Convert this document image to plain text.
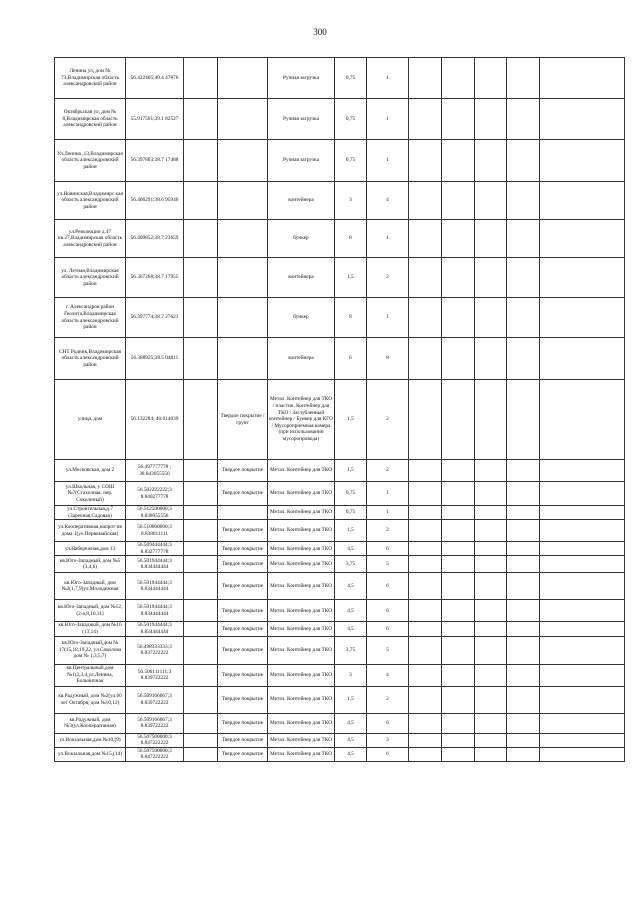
300
Ленина ул, дом № 73,Владимирская область александровский район	56.422405;40.4 47876			Ручная загрузка	0,75	1					
Октябрьская ул, дом № 8,Владимирская область александровский район	55.917501;39.1 82527			Ручная загрузка	0,75	1					
Ул.Ленина ,13,Владимирская область александровский район	56.397803;38.7 17488			Ручная загрузка	0,75	1					
ул.Новинская,Владимирс кая область александровский район	56.406291;38.6 95946			контейнера	3	4					
ул.Революции д.47 кв.27,Владимирская область александровский район	56.400852;38.7 23659			бункер	8	1					
ул. Летная,Владимирская область александровский район	56.367268;38.7 17955			контейнера	1,5	2					
г. Александров район Геолита,Владимирская область александровский район	56.397774;38.7 27621			бункер	8	1					
СНТ Родник,Владимирская область александровский район	56.388925;38.5 04811			контейнера	6	8					
улица, дом	56.132284; 40.614039		Твердое покрытие / грунт	Метал. Контейнер для ТКО / пластик. Контейнер для ТКО / Заглубленный контейнер / Бункер для КГО / Мусороприемная камера (при использовании мусоропровода)	1,5	2					
ул.Московская, дом 2	56.497777778 ; 38.843055556		Твердое покрытие	Метал. Контейнер для ТКО	1,5	2					
ул.Школьная, у СОШ №7(Стахолная, пер. Соколиный)	56.502222222;3 8.840277778		Твердое покрытие	Метал. Контейнер для ТКО	0,75	1					
ул.Строительная,д.7 (Заречная,Садовая)	56.512500000;3 8.838055556			Метал. Контейнер для ТКО	0,75	1					
ул.Кооперативная,напрот ив дома 1(ул.Первомайская)	56.510000000;3 8.838611111		Твердое покрытие	Метал. Контейнер для ТКО	1,5	2					
ул.Набережная,дом 13	56.509444444;3 8.832777778		Твердое покрытие	Метал. Контейнер для ТКО	4,5	6					
кв.Юго-Западный, дом №5 (3,4,6)	56.501944444;3 8.834444444		Твердое покрытие	Метал. Контейнер для ТКО	3,75	5					
кв.Юго-Западный, дом №2(1,7,9)ул.Молодежная	56.501944444;3 8.834444444		Твердое покрытие	Метал. Контейнер для ТКО	4,5	6					
кв.Юго-Западный, дом №12, (2-а,8,10,11)	56.501944444;3 8.834444444		Твердое покрытие	Метал. Контейнер для ТКО	4,5	6					
кв.Юго-Западный, дом №16 (13,14)	56.501944444;3 8.834444444		Твердое покрытие	Метал. Контейнер для ТКО	4,5	6					
кв.Юго-Западный,дом № 17(15,18,19,22, ул.Соколова дом № 1,3,5,7)	56.498333333;3 8.837222222		Твердое покрытие	Метал. Контейнер для ТКО	3,75	5					
кв.Центральный,дом №1(2,3,4,ул.Ленина, Больничная	56.506111111;3 8.839722222		Твердое покрытие	Метал. Контейнер для ТКО	3	4					
кв.Радужный, дом №2(ул.60 лет Октября, дом №10,12)	56.509166667;3 8.839722222		Твердое покрытие	Метал. Контейнер для ТКО	1,5	2					
кв.Радужный, дом №3(ул.Кооперативная)	56.509166667;3 8.839722222		Твердое покрытие	Метал. Контейнер для ТКО	4,5	6					
ул.Вокзальная,дом №10,(9)	56.507500000;3 8.847222222		Твердое покрытие	Метал. Контейнер для ТКО	4,5	3					
ул.Вокзальная,дом №15,(14)	56.507500000;3 8.847222222		Твердое покрытие	Метал. Контейнер для ТКО	4,5	6					
